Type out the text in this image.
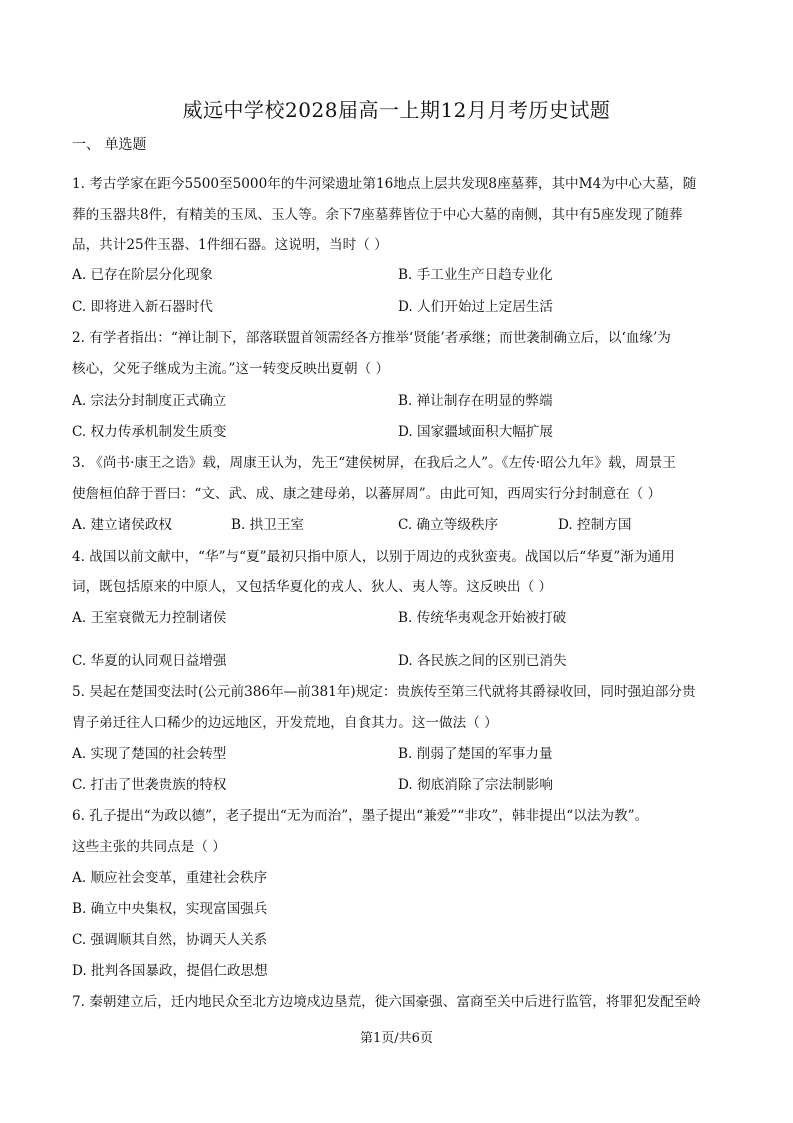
威远中学校2028届高一上期12月月考历史试题
一、 单选题
1. 考古学家在距今5500至5000年的牛河梁遗址第16地点上层共发现8座墓葬，其中M4为中心大墓，随
葬的玉器共8件，有精美的玉凤、玉人等。余下7座墓葬皆位于中心大墓的南侧，其中有5座发现了随葬
品，共计25件玉器、1件细石器。这说明，当时（ ）
A. 已存在阶层分化现象	B. 手工业生产日趋专业化
C. 即将进入新石器时代	D. 人们开始过上定居生活
2. 有学者指出：“禅让制下，部落联盟首领需经各方推举‘贤能’者承继；而世袭制确立后，以‘血缘’为
核心，父死子继成为主流。”这一转变反映出夏朝（ ）
A. 宗法分封制度正式确立	B. 禅让制存在明显的弊端
C. 权力传承机制发生质变	D. 国家疆域面积大幅扩展
3. 《尚书·康王之诰》载，周康王认为，先王“建侯树屏，在我后之人”。《左传·昭公九年》载，周景王
使詹桓伯辞于晋曰：“文、武、成、康之建母弟，以蕃屏周”。由此可知，西周实行分封制意在（ ）
A. 建立诸侯政权	B. 拱卫王室	C. 确立等级秩序	D. 控制方国
4. 战国以前文献中，“华”与“夏”最初只指中原人，以别于周边的戎狄蛮夷。战国以后“华夏”渐为通用
词，既包括原来的中原人，又包括华夏化的戎人、狄人、夷人等。这反映出（ ）
A. 王室衰微无力控制诸侯	B. 传统华夷观念开始被打破
C. 华夏的认同观日益增强	D. 各民族之间的区别已消失
5. 吴起在楚国变法时(公元前386年—前381年)规定：贵族传至第三代就将其爵禄收回，同时强迫部分贵
胄子弟迁往人口稀少的边远地区，开发荒地，自食其力。这一做法（ ）
A. 实现了楚国的社会转型	B. 削弱了楚国的军事力量
C. 打击了世袭贵族的特权	D. 彻底消除了宗法制影响
6. 孔子提出“为政以德”，老子提出“无为而治”，墨子提出“兼爱”“非攻”，韩非提出“以法为教”。
这些主张的共同点是（ ）
A. 顺应社会变革，重建社会秩序
B. 确立中央集权，实现富国强兵
C. 强调顺其自然，协调天人关系
D. 批判各国暴政，提倡仁政思想
7. 秦朝建立后，迁内地民众至北方边境戍边垦荒，徙六国豪强、富商至关中后进行监管，将罪犯发配至岭
第1页/共6页
